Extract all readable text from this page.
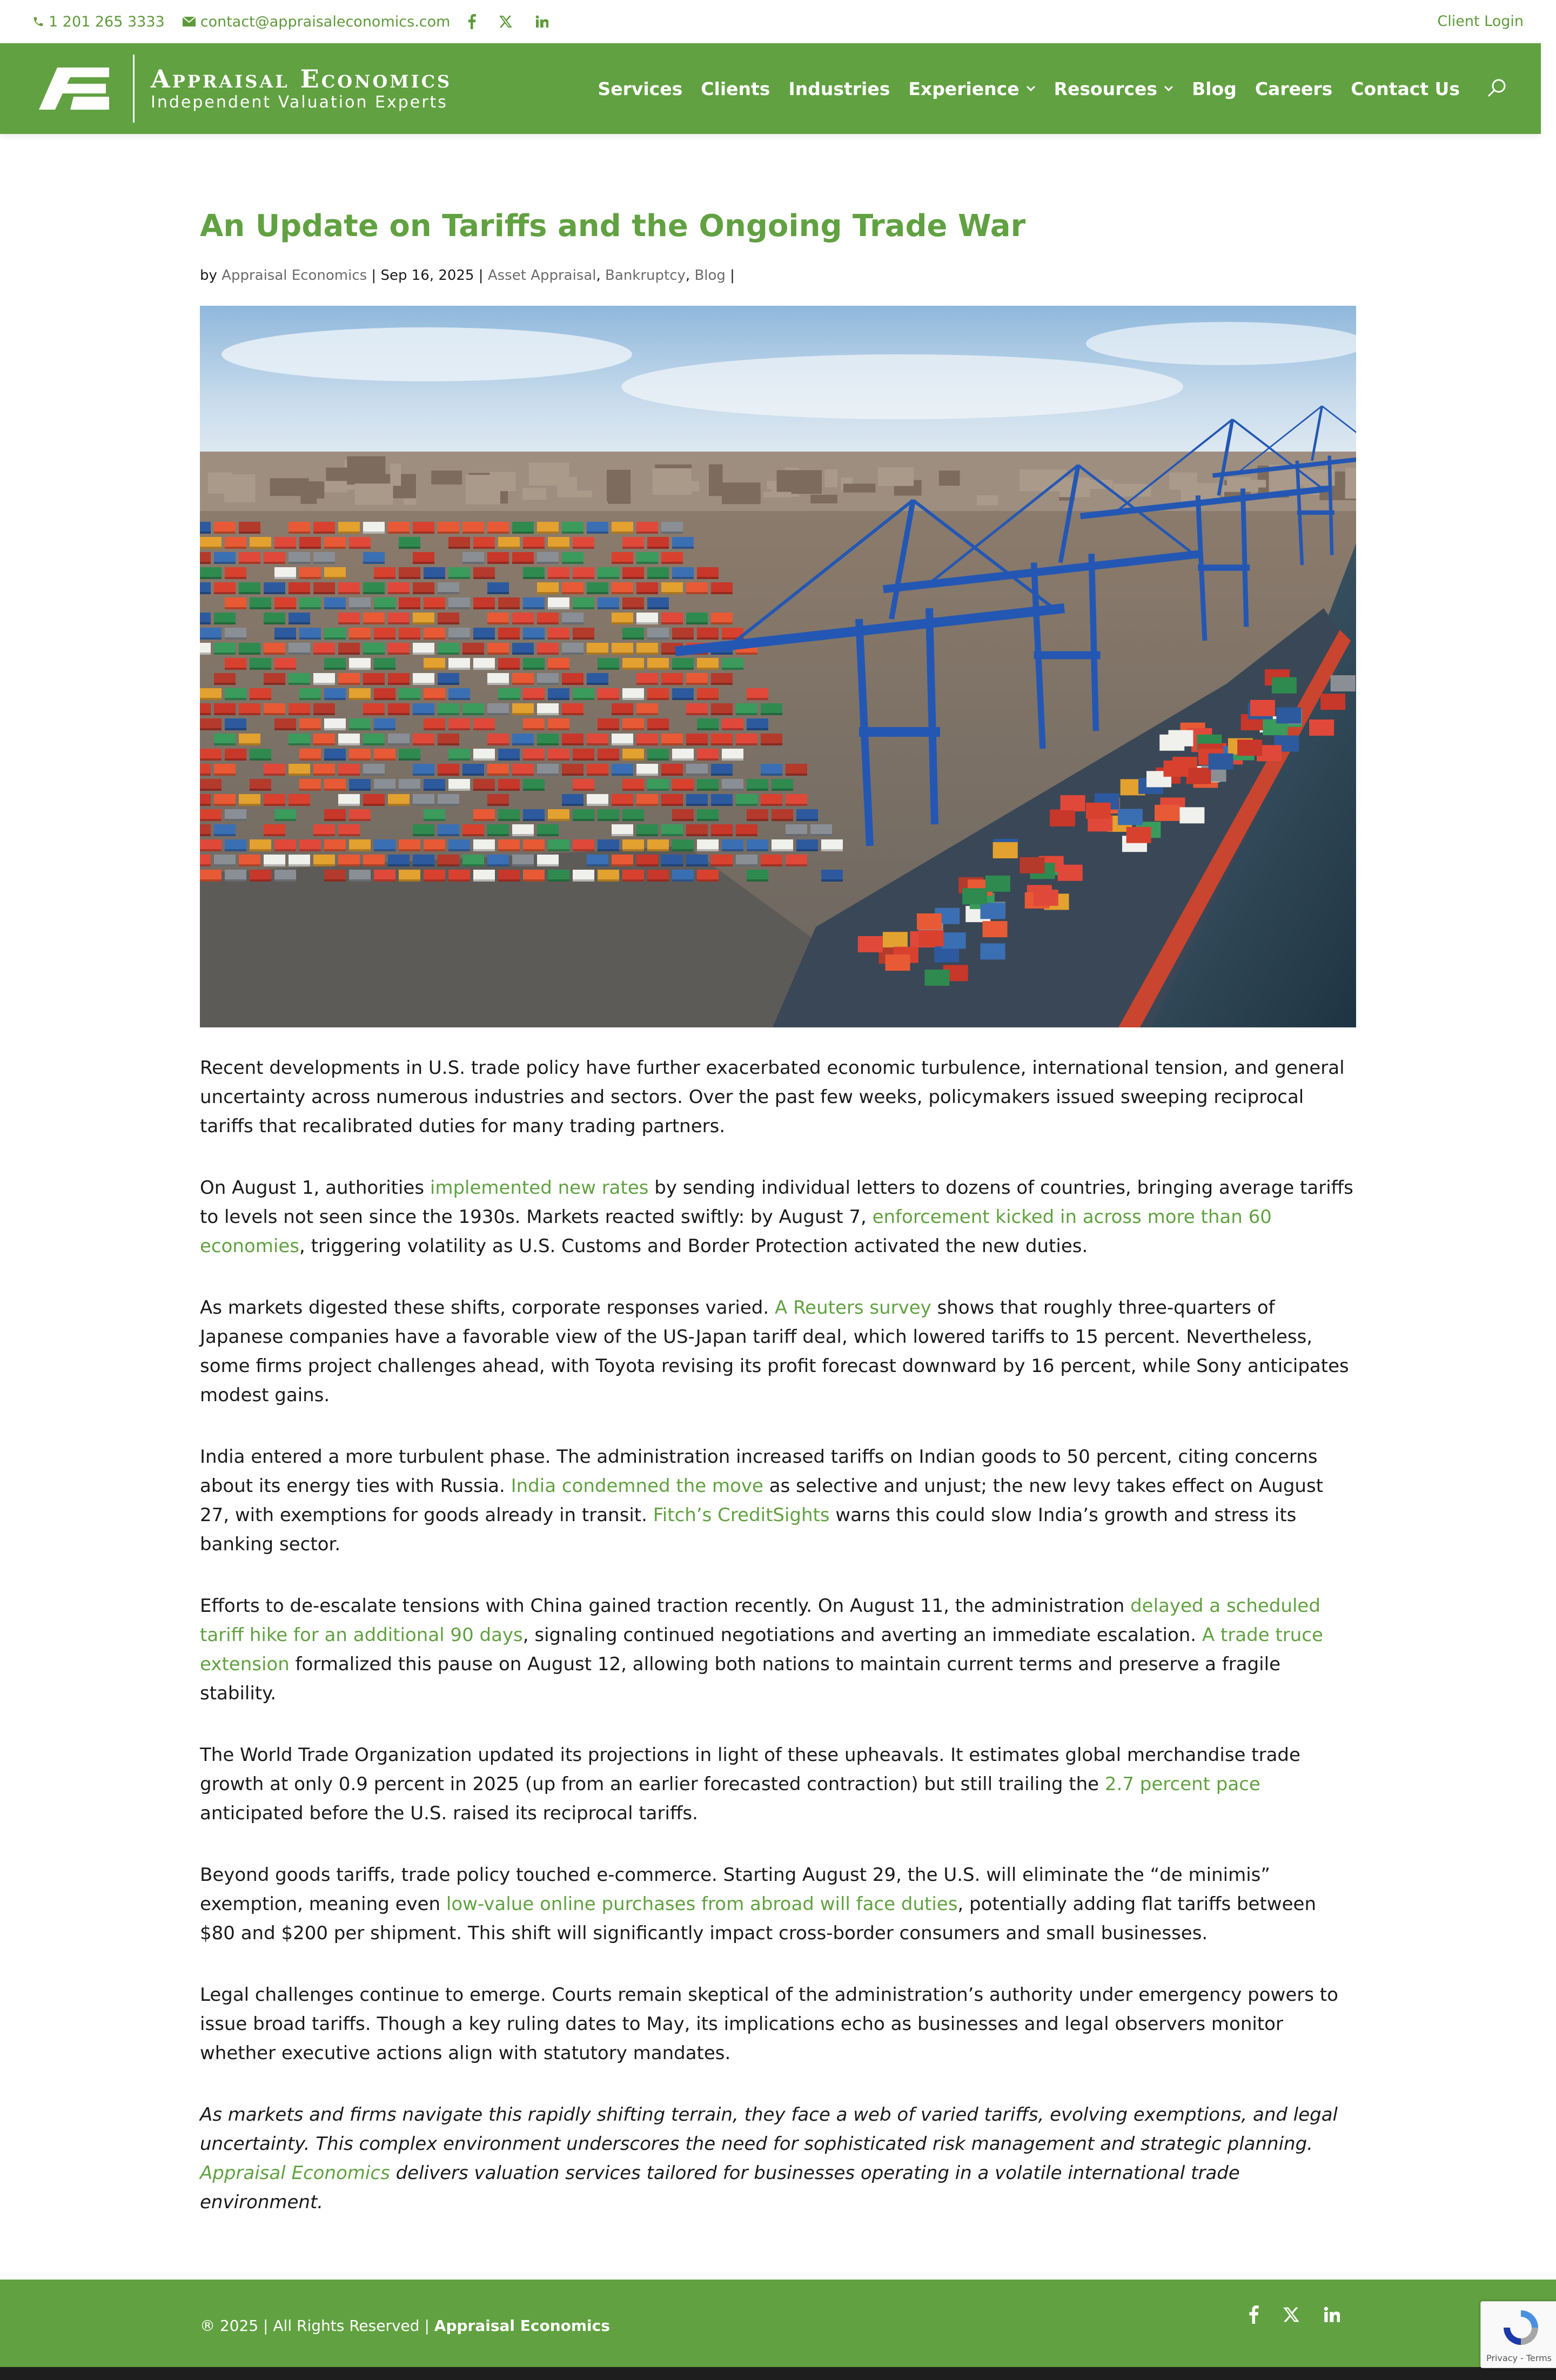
1 201 265 3333 contact@appraisaleconomics.com	Client Login
Appraisal Economics
Independent Valuation Experts
Services Clients Industries Experience Resources Blog Careers Contact Us
An Update on Tariffs and the Ongoing Trade War
by Appraisal Economics | Sep 16, 2025 | Asset Appraisal, Bankruptcy, Blog |

Recent developments in U.S. trade policy have further exacerbated economic turbulence, international tension, and general uncertainty across numerous industries and sectors. Over the past few weeks, policymakers issued sweeping reciprocal tariffs that recalibrated duties for many trading partners.

On August 1, authorities implemented new rates by sending individual letters to dozens of countries, bringing average tariffs to levels not seen since the 1930s. Markets reacted swiftly: by August 7, enforcement kicked in across more than 60 economies, triggering volatility as U.S. Customs and Border Protection activated the new duties.

As markets digested these shifts, corporate responses varied. A Reuters survey shows that roughly three-quarters of Japanese companies have a favorable view of the US-Japan tariff deal, which lowered tariffs to 15 percent. Nevertheless, some firms project challenges ahead, with Toyota revising its profit forecast downward by 16 percent, while Sony anticipates modest gains.

India entered a more turbulent phase. The administration increased tariffs on Indian goods to 50 percent, citing concerns about its energy ties with Russia. India condemned the move as selective and unjust; the new levy takes effect on August 27, with exemptions for goods already in transit. Fitch’s CreditSights warns this could slow India’s growth and stress its banking sector.

Efforts to de-escalate tensions with China gained traction recently. On August 11, the administration delayed a scheduled tariff hike for an additional 90 days, signaling continued negotiations and averting an immediate escalation. A trade truce extension formalized this pause on August 12, allowing both nations to maintain current terms and preserve a fragile stability.

The World Trade Organization updated its projections in light of these upheavals. It estimates global merchandise trade growth at only 0.9 percent in 2025 (up from an earlier forecasted contraction) but still trailing the 2.7 percent pace anticipated before the U.S. raised its reciprocal tariffs.

Beyond goods tariffs, trade policy touched e-commerce. Starting August 29, the U.S. will eliminate the “de minimis” exemption, meaning even low-value online purchases from abroad will face duties, potentially adding flat tariffs between $80 and $200 per shipment. This shift will significantly impact cross-border consumers and small businesses.

Legal challenges continue to emerge. Courts remain skeptical of the administration’s authority under emergency powers to issue broad tariffs. Though a key ruling dates to May, its implications echo as businesses and legal observers monitor whether executive actions align with statutory mandates.

As markets and firms navigate this rapidly shifting terrain, they face a web of varied tariffs, evolving exemptions, and legal uncertainty. This complex environment underscores the need for sophisticated risk management and strategic planning. Appraisal Economics delivers valuation services tailored for businesses operating in a volatile international trade environment.

® 2025 | All Rights Reserved | Appraisal Economics
Privacy - Terms
